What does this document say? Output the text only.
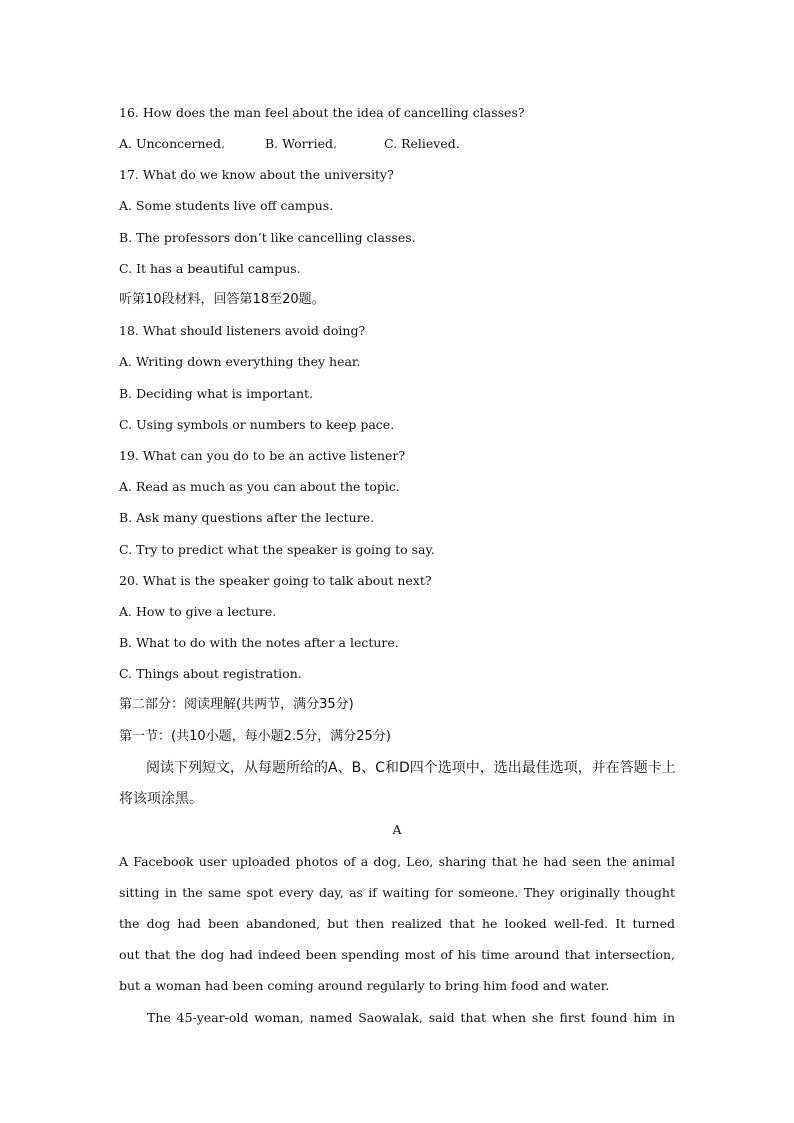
16. How does the man feel about the idea of cancelling classes?
A. Unconcerned.	B. Worried.	C. Relieved.
17. What do we know about the university?
A. Some students live off campus.
B. The professors don’t like cancelling classes.
C. It has a beautiful campus.
听第10段材料，回答第18至20题。
18. What should listeners avoid doing?
A. Writing down everything they hear.
B. Deciding what is important.
C. Using symbols or numbers to keep pace.
19. What can you do to be an active listener?
A. Read as much as you can about the topic.
B. Ask many questions after the lecture.
C. Try to predict what the speaker is going to say.
20. What is the speaker going to talk about next?
A. How to give a lecture.
B. What to do with the notes after a lecture.
C. Things about registration.
第二部分：阅读理解(共两节，满分35分)
第一节：(共10小题，每小题2.5分，满分25分)
阅读下列短文，从每题所给的A、B、C和D四个选项中，选出最佳选项，并在答题卡上
将该项涂黑。
A
A Facebook user uploaded photos of a dog, Leo, sharing that he had seen the animal
sitting in the same spot every day, as if waiting for someone. They originally thought
the dog had been abandoned, but then realized that he looked well-fed. It turned
out that the dog had indeed been spending most of his time around that intersection,
but a woman had been coming around regularly to bring him food and water.
The 45-year-old woman, named Saowalak, said that when she first found him in
